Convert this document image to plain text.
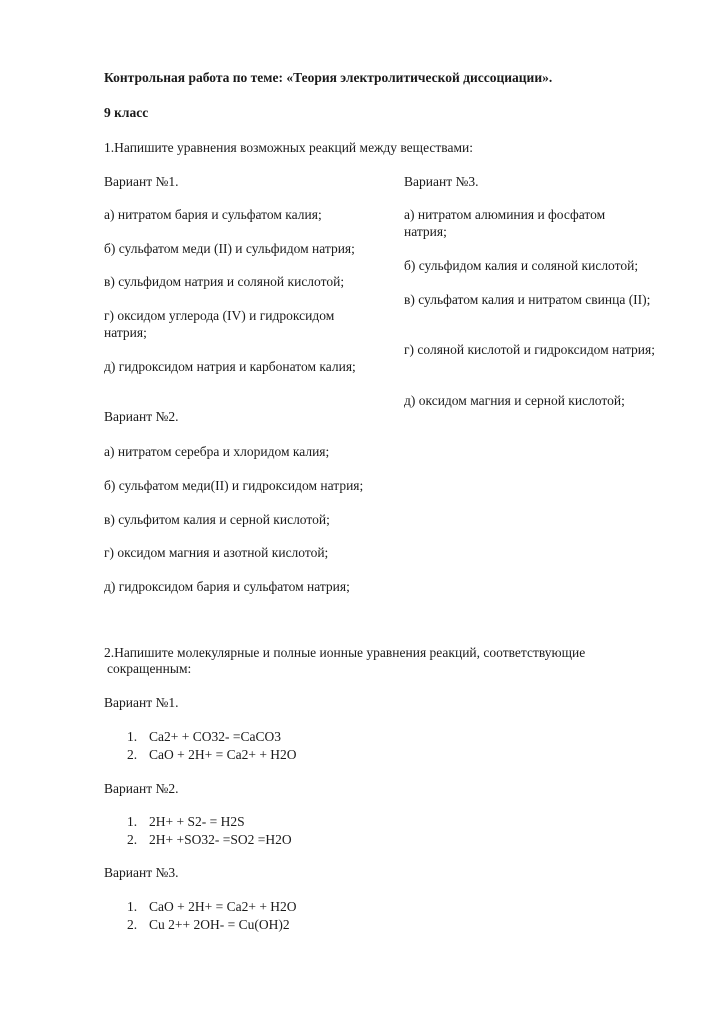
Контрольная работа по теме: «Теория электролитической диссоциации».
9 класс
1.Напишите уравнения возможных реакций между веществами:
Вариант №1.
а) нитратом бария и сульфатом калия;
б) сульфатом меди (II) и сульфидом натрия;
в) сульфидом натрия и соляной кислотой;
г) оксидом углерода (IV) и гидроксидом натрия;
д) гидроксидом натрия и карбонатом калия;
Вариант №3.
а) нитратом алюминия и фосфатом натрия;
б) сульфидом калия и соляной кислотой;
в) сульфатом калия и нитратом свинца (II);
г) соляной кислотой и гидроксидом натрия;
д) оксидом магния и серной кислотой;
Вариант №2.
а) нитратом серебра и хлоридом калия;
б) сульфатом меди(II) и гидроксидом натрия;
в) сульфитом калия и серной кислотой;
г) оксидом магния и азотной кислотой;
д) гидроксидом бария и сульфатом натрия;
2.Напишите молекулярные и полные ионные уравнения реакций, соответствующие
сокращенным:
Вариант №1.
1. Ca2+ + CO32- =CaCO3
2. CaO + 2H+ = Ca2+ + H2O
Вариант №2.
1. 2H+ + S2- = H2S
2. 2H+ +SO32- =SO2 =H2O
Вариант №3.
1. CaO + 2H+ = Ca2+ + H2O
2. Cu 2++ 2OH- = Cu(OH)2
